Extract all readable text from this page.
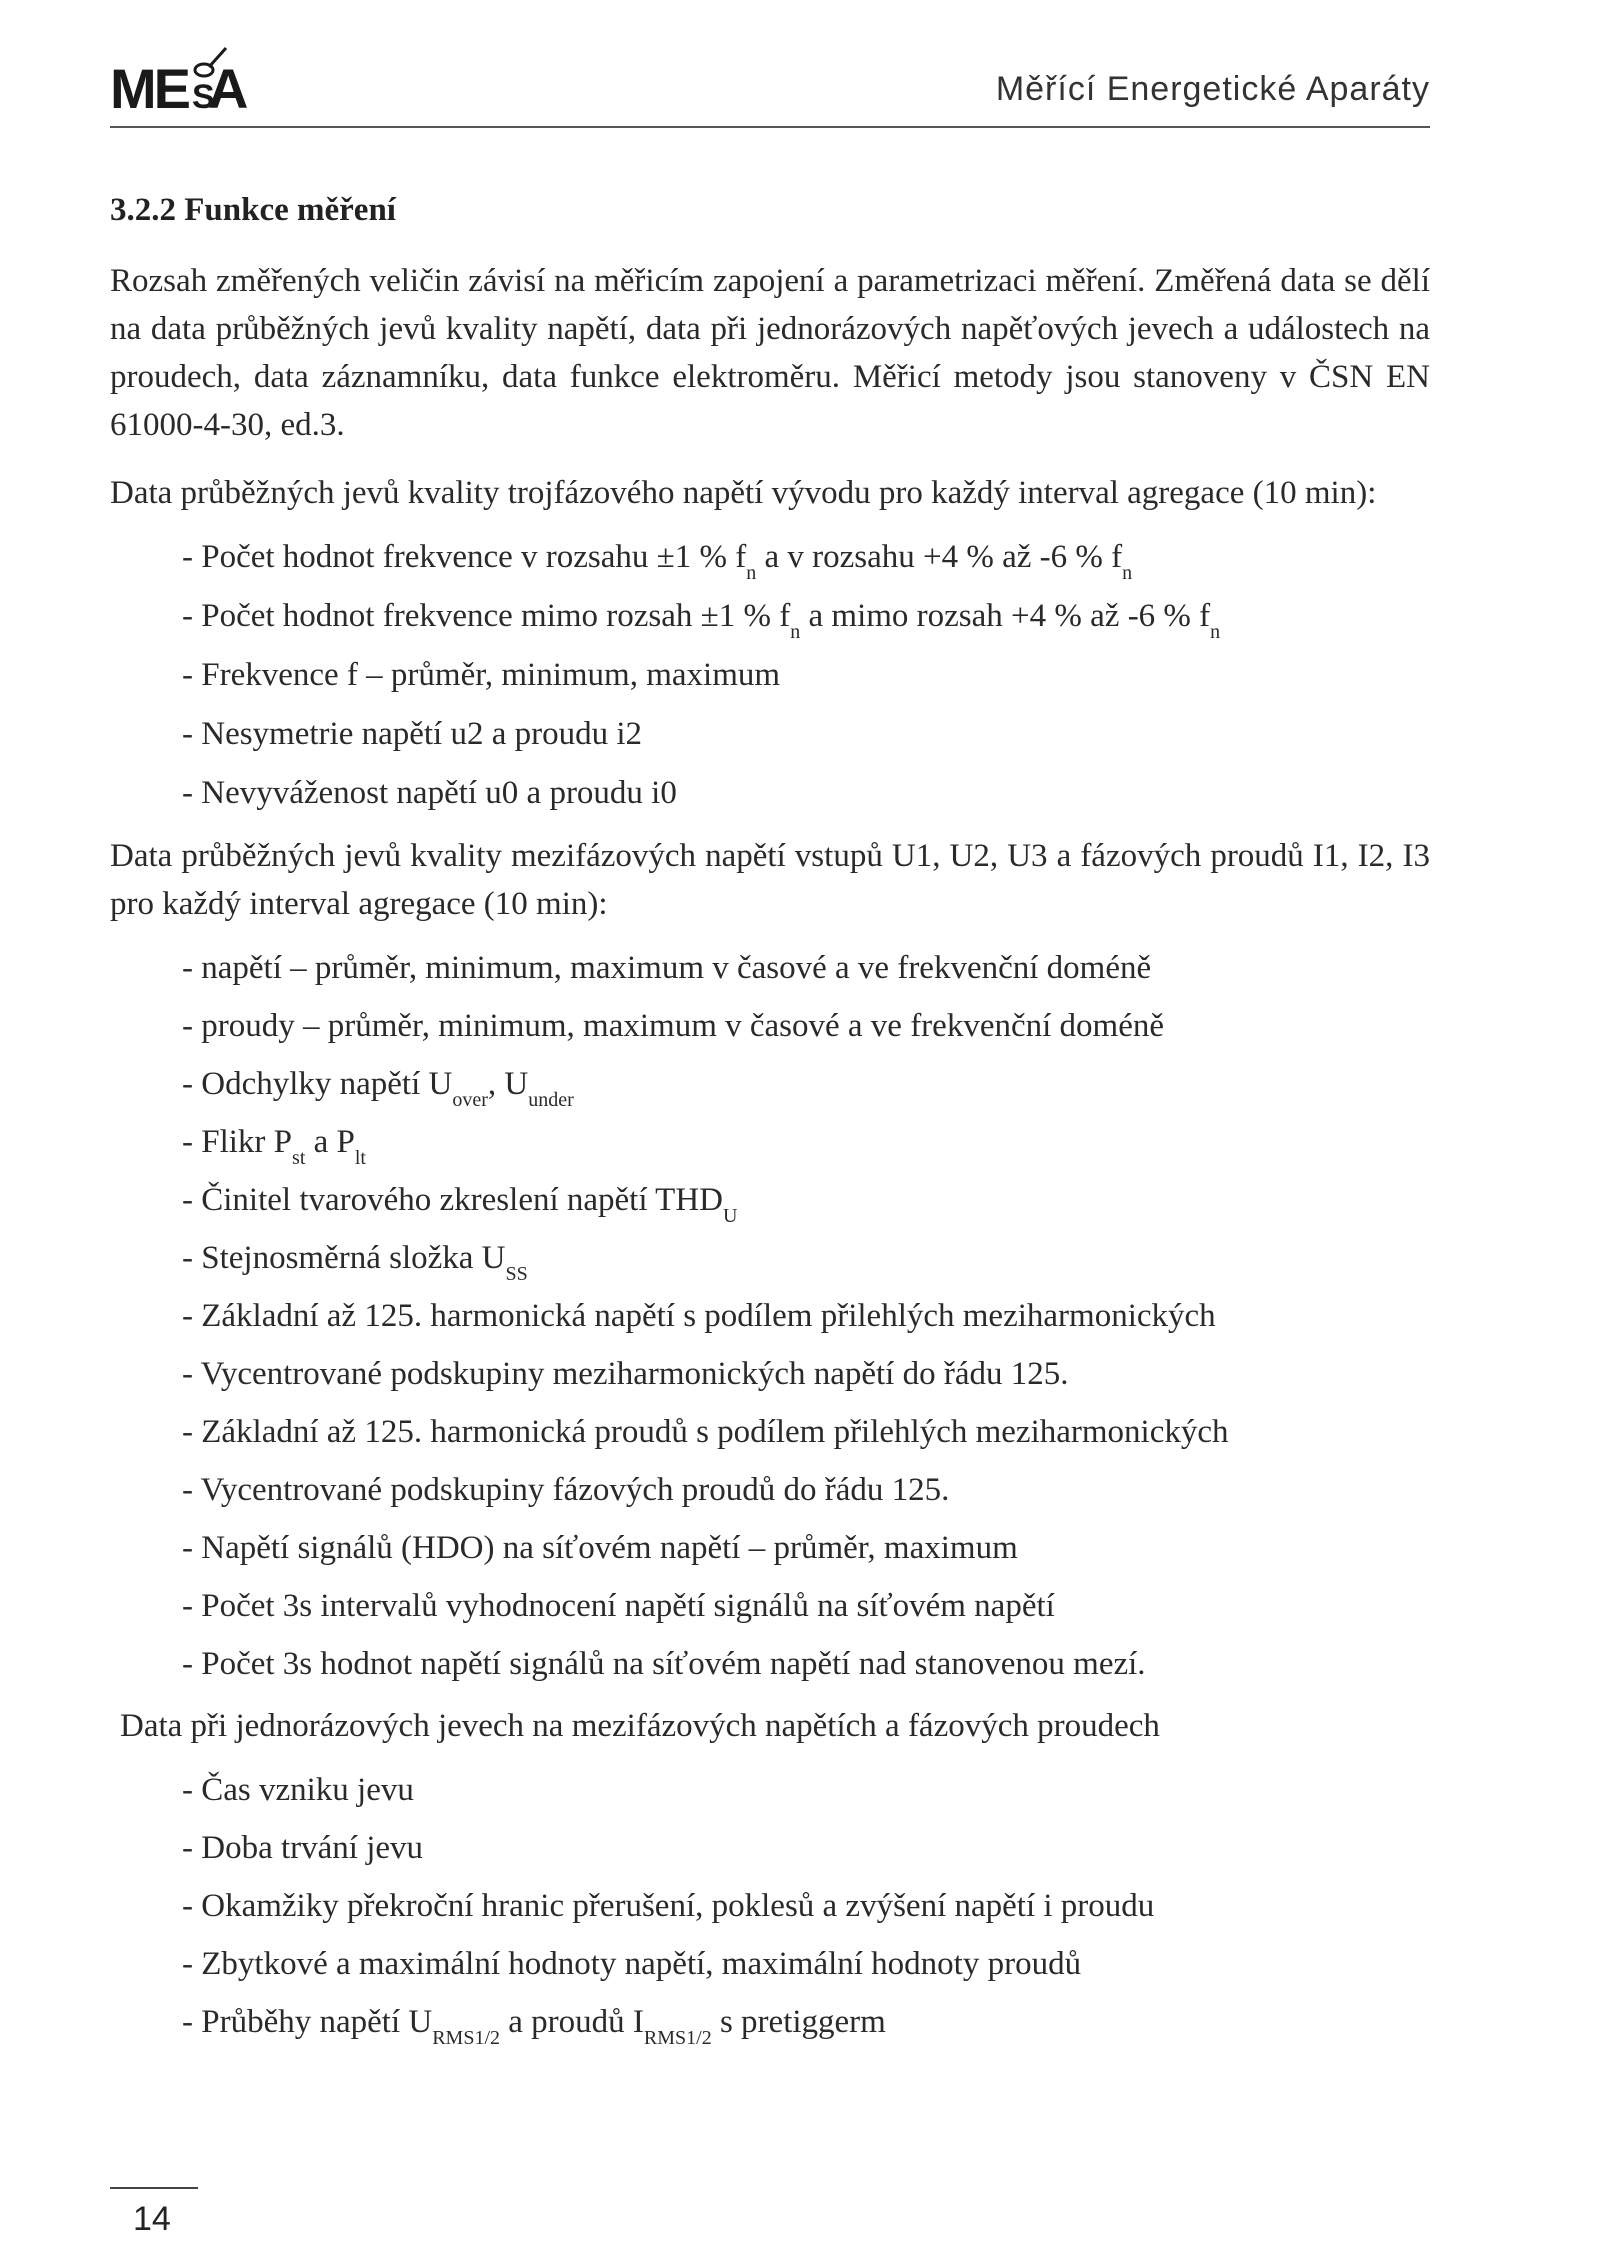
ME S
A	Měřící Energetické Aparáty
3.2.2 Funkce měření

Rozsah změřených veličin závisí na měřicím zapojení a parametrizaci měření. Změřená data se dělí na data průběžných jevů kvality napětí, data při jednorázových napěťových jevech a událostech na proudech, data záznamníku, data funkce elektroměru. Měřicí metody jsou stanoveny v ČSN EN 61000-4-30, ed.3.

Data průběžných jevů kvality trojfázového napětí vývodu pro každý interval agregace (10 min):

- Počet hodnot frekvence v rozsahu ±1 % $f_n$ a v rozsahu +4 % až -6 % $f_n$
- Počet hodnot frekvence mimo rozsah ±1 % $f_n$ a mimo rozsah +4 % až -6 % $f_n$
- Frekvence f – průměr, minimum, maximum
- Nesymetrie napětí u2 a proudu i2
- Nevyváženost napětí u0 a proudu i0

Data průběžných jevů kvality mezifázových napětí vstupů U1, U2, U3 a fázových proudů I1, I2, I3 pro každý interval agregace (10 min):

- napětí – průměr, minimum, maximum v časové a ve frekvenční doméně
- proudy – průměr, minimum, maximum v časové a ve frekvenční doméně
- Odchylky napětí $U_{over}$, $U_{under}$
- Flikr $P_{st}$ a $P_{lt}$
- Činitel tvarového zkreslení napětí $THD_U$
- Stejnosměrná složka $U_{SS}$
- Základní až 125. harmonická napětí s podílem přilehlých meziharmonických
- Vycentrované podskupiny meziharmonických napětí do řádu 125.
- Základní až 125. harmonická proudů s podílem přilehlých meziharmonických
- Vycentrované podskupiny fázových proudů do řádu 125.
- Napětí signálů (HDO) na síťovém napětí – průměr, maximum
- Počet 3s intervalů vyhodnocení napětí signálů na síťovém napětí
- Počet 3s hodnot napětí signálů na síťovém napětí nad stanovenou mezí.

Data při jednorázových jevech na mezifázových napětích a fázových proudech

- Čas vzniku jevu
- Doba trvání jevu
- Okamžiky překroční hranic přerušení, poklesů a zvýšení napětí i proudu
- Zbytkové a maximální hodnoty napětí, maximální hodnoty proudů
- Průběhy napětí $U_{RMS1/2}$ a proudů $I_{RMS1/2}$ s pretiggerm
14
